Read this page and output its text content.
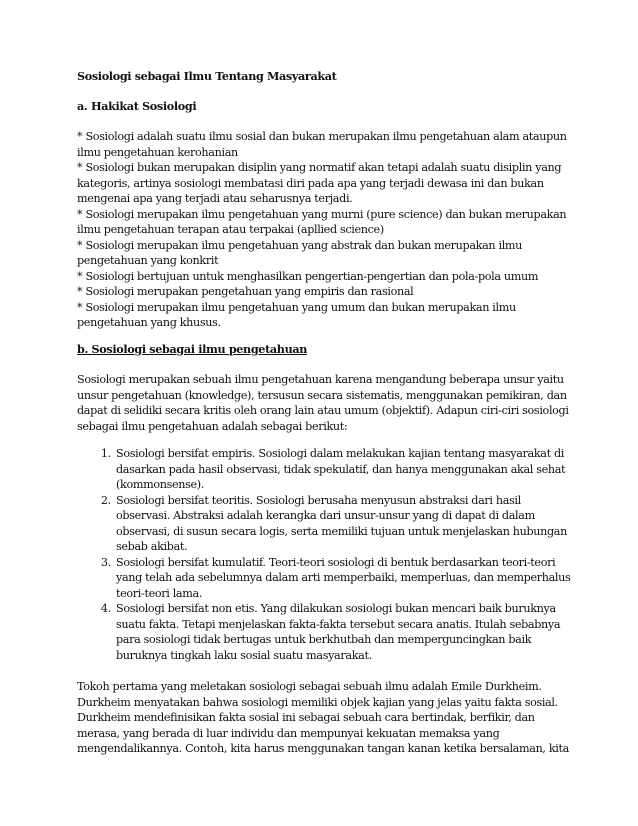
Sosiologi sebagai Ilmu Tentang Masyarakat

a. Hakikat Sosiologi

* Sosiologi adalah suatu ilmu sosial dan bukan merupakan ilmu pengetahuan alam ataupun ilmu pengetahuan kerohanian

* Sosiologi bukan merupakan disiplin yang normatif akan tetapi adalah suatu disiplin yang kategoris, artinya sosiologi membatasi diri pada apa yang terjadi dewasa ini dan bukan mengenai apa yang terjadi atau seharusnya terjadi.

* Sosiologi merupakan ilmu pengetahuan yang murni (pure science) dan bukan merupakan ilmu pengetahuan terapan atau terpakai (apllied science)

* Sosiologi merupakan ilmu pengetahuan yang abstrak dan bukan merupakan ilmu pengetahuan yang konkrit

* Sosiologi bertujuan untuk menghasilkan pengertian-pengertian dan pola-pola umum

* Sosiologi merupakan pengetahuan yang empiris dan rasional

* Sosiologi merupakan ilmu pengetahuan yang umum dan bukan merupakan ilmu pengetahuan yang khusus.

b. Sosiologi sebagai ilmu pengetahuan

Sosiologi merupakan sebuah ilmu pengetahuan karena mengandung beberapa unsur yaitu unsur pengetahuan (knowledge), tersusun secara sistematis, menggunakan pemikiran, dan dapat di selidiki secara kritis oleh orang lain atau umum (objektif). Adapun ciri-ciri sosiologi sebagai ilmu pengetahuan adalah sebagai berikut:

1. Sosiologi bersifat empiris. Sosiologi dalam melakukan kajian tentang masyarakat di dasarkan pada hasil observasi, tidak spekulatif, dan hanya menggunakan akal sehat (kommonsense).
2. Sosiologi bersifat teoritis. Sosiologi berusaha menyusun abstraksi dari hasil observasi. Abstraksi adalah kerangka dari unsur-unsur yang di dapat di dalam observasi, di susun secara logis, serta memiliki tujuan untuk menjelaskan hubungan sebab akibat.
3. Sosiologi bersifat kumulatif. Teori-teori sosiologi di bentuk berdasarkan teori-teori yang telah ada sebelumnya dalam arti memperbaiki, memperluas, dan memperhalus teori-teori lama.
4. Sosiologi bersifat non etis. Yang dilakukan sosiologi bukan mencari baik buruknya suatu fakta. Tetapi menjelaskan fakta-fakta tersebut secara anatis. Itulah sebabnya para sosiologi tidak bertugas untuk berkhutbah dan memperguncingkan baik buruknya tingkah laku sosial suatu masyarakat.

Tokoh pertama yang meletakan sosiologi sebagai sebuah ilmu adalah Emile Durkheim. Durkheim menyatakan bahwa sosiologi memiliki objek kajian yang jelas yaitu fakta sosial. Durkheim mendefinisikan fakta sosial ini sebagai sebuah cara bertindak, berfikir, dan merasa, yang berada di luar individu dan mempunyai kekuatan memaksa yang mengendalikannya. Contoh, kita harus menggunakan tangan kanan ketika bersalaman, kita
